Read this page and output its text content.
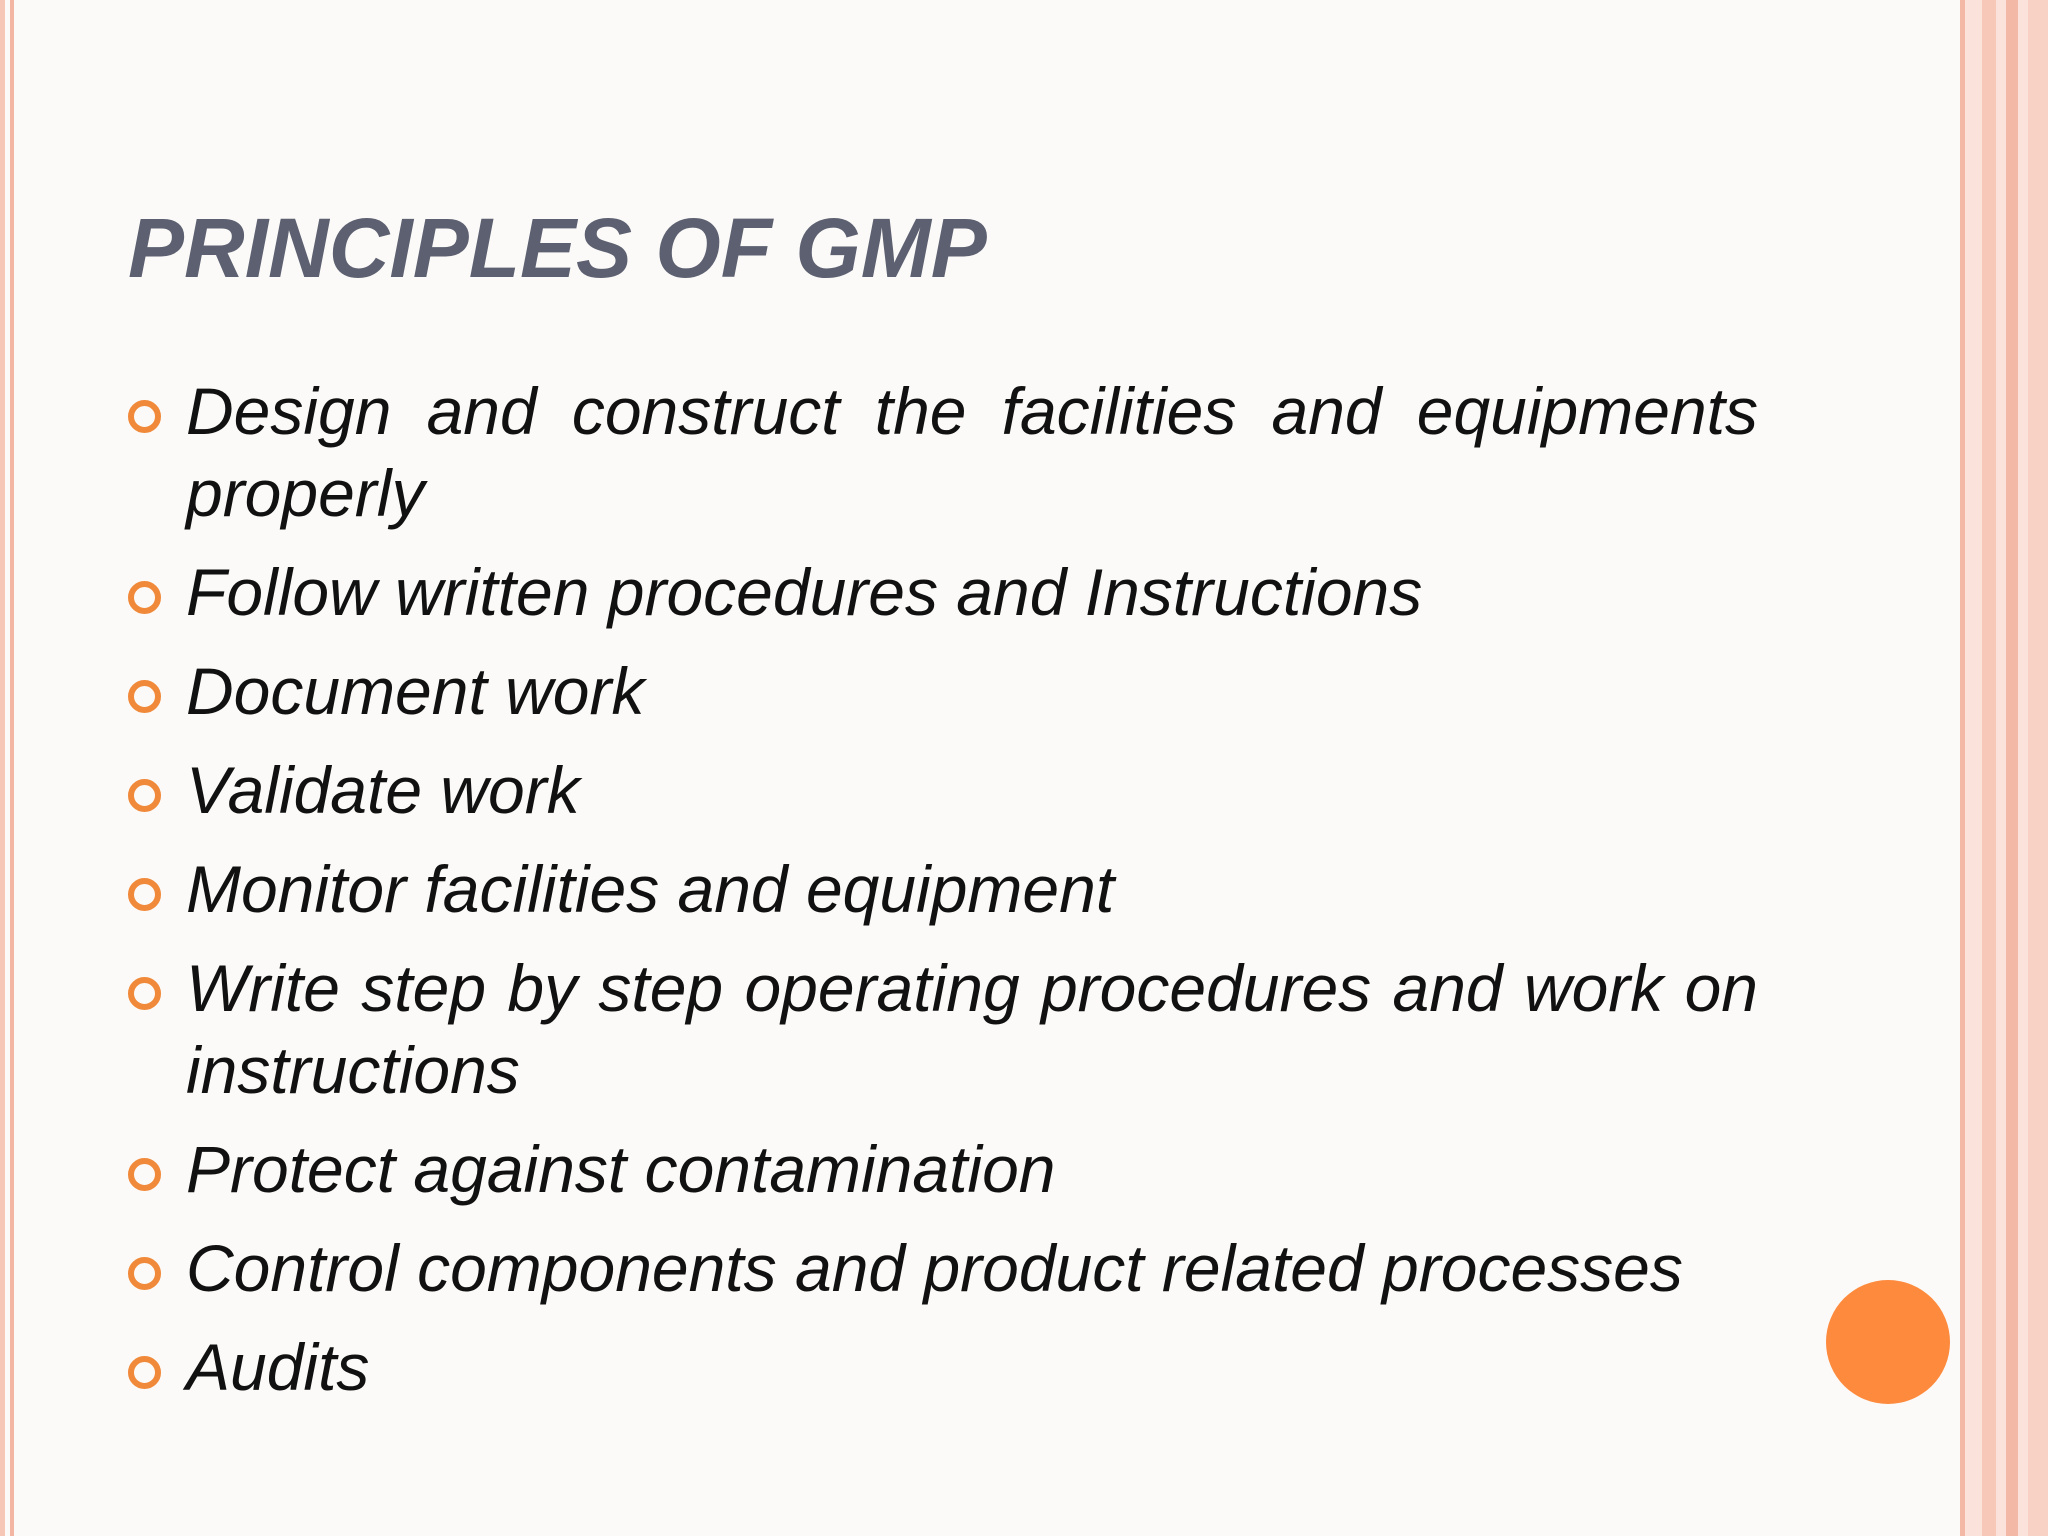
PRINCIPLES OF GMP
Design and construct the facilities and equipments properly
Follow written procedures and Instructions
Document work
Validate work
Monitor facilities and equipment
Write step by step operating procedures and work on instructions
Protect against contamination
Control components and product related processes
Audits
